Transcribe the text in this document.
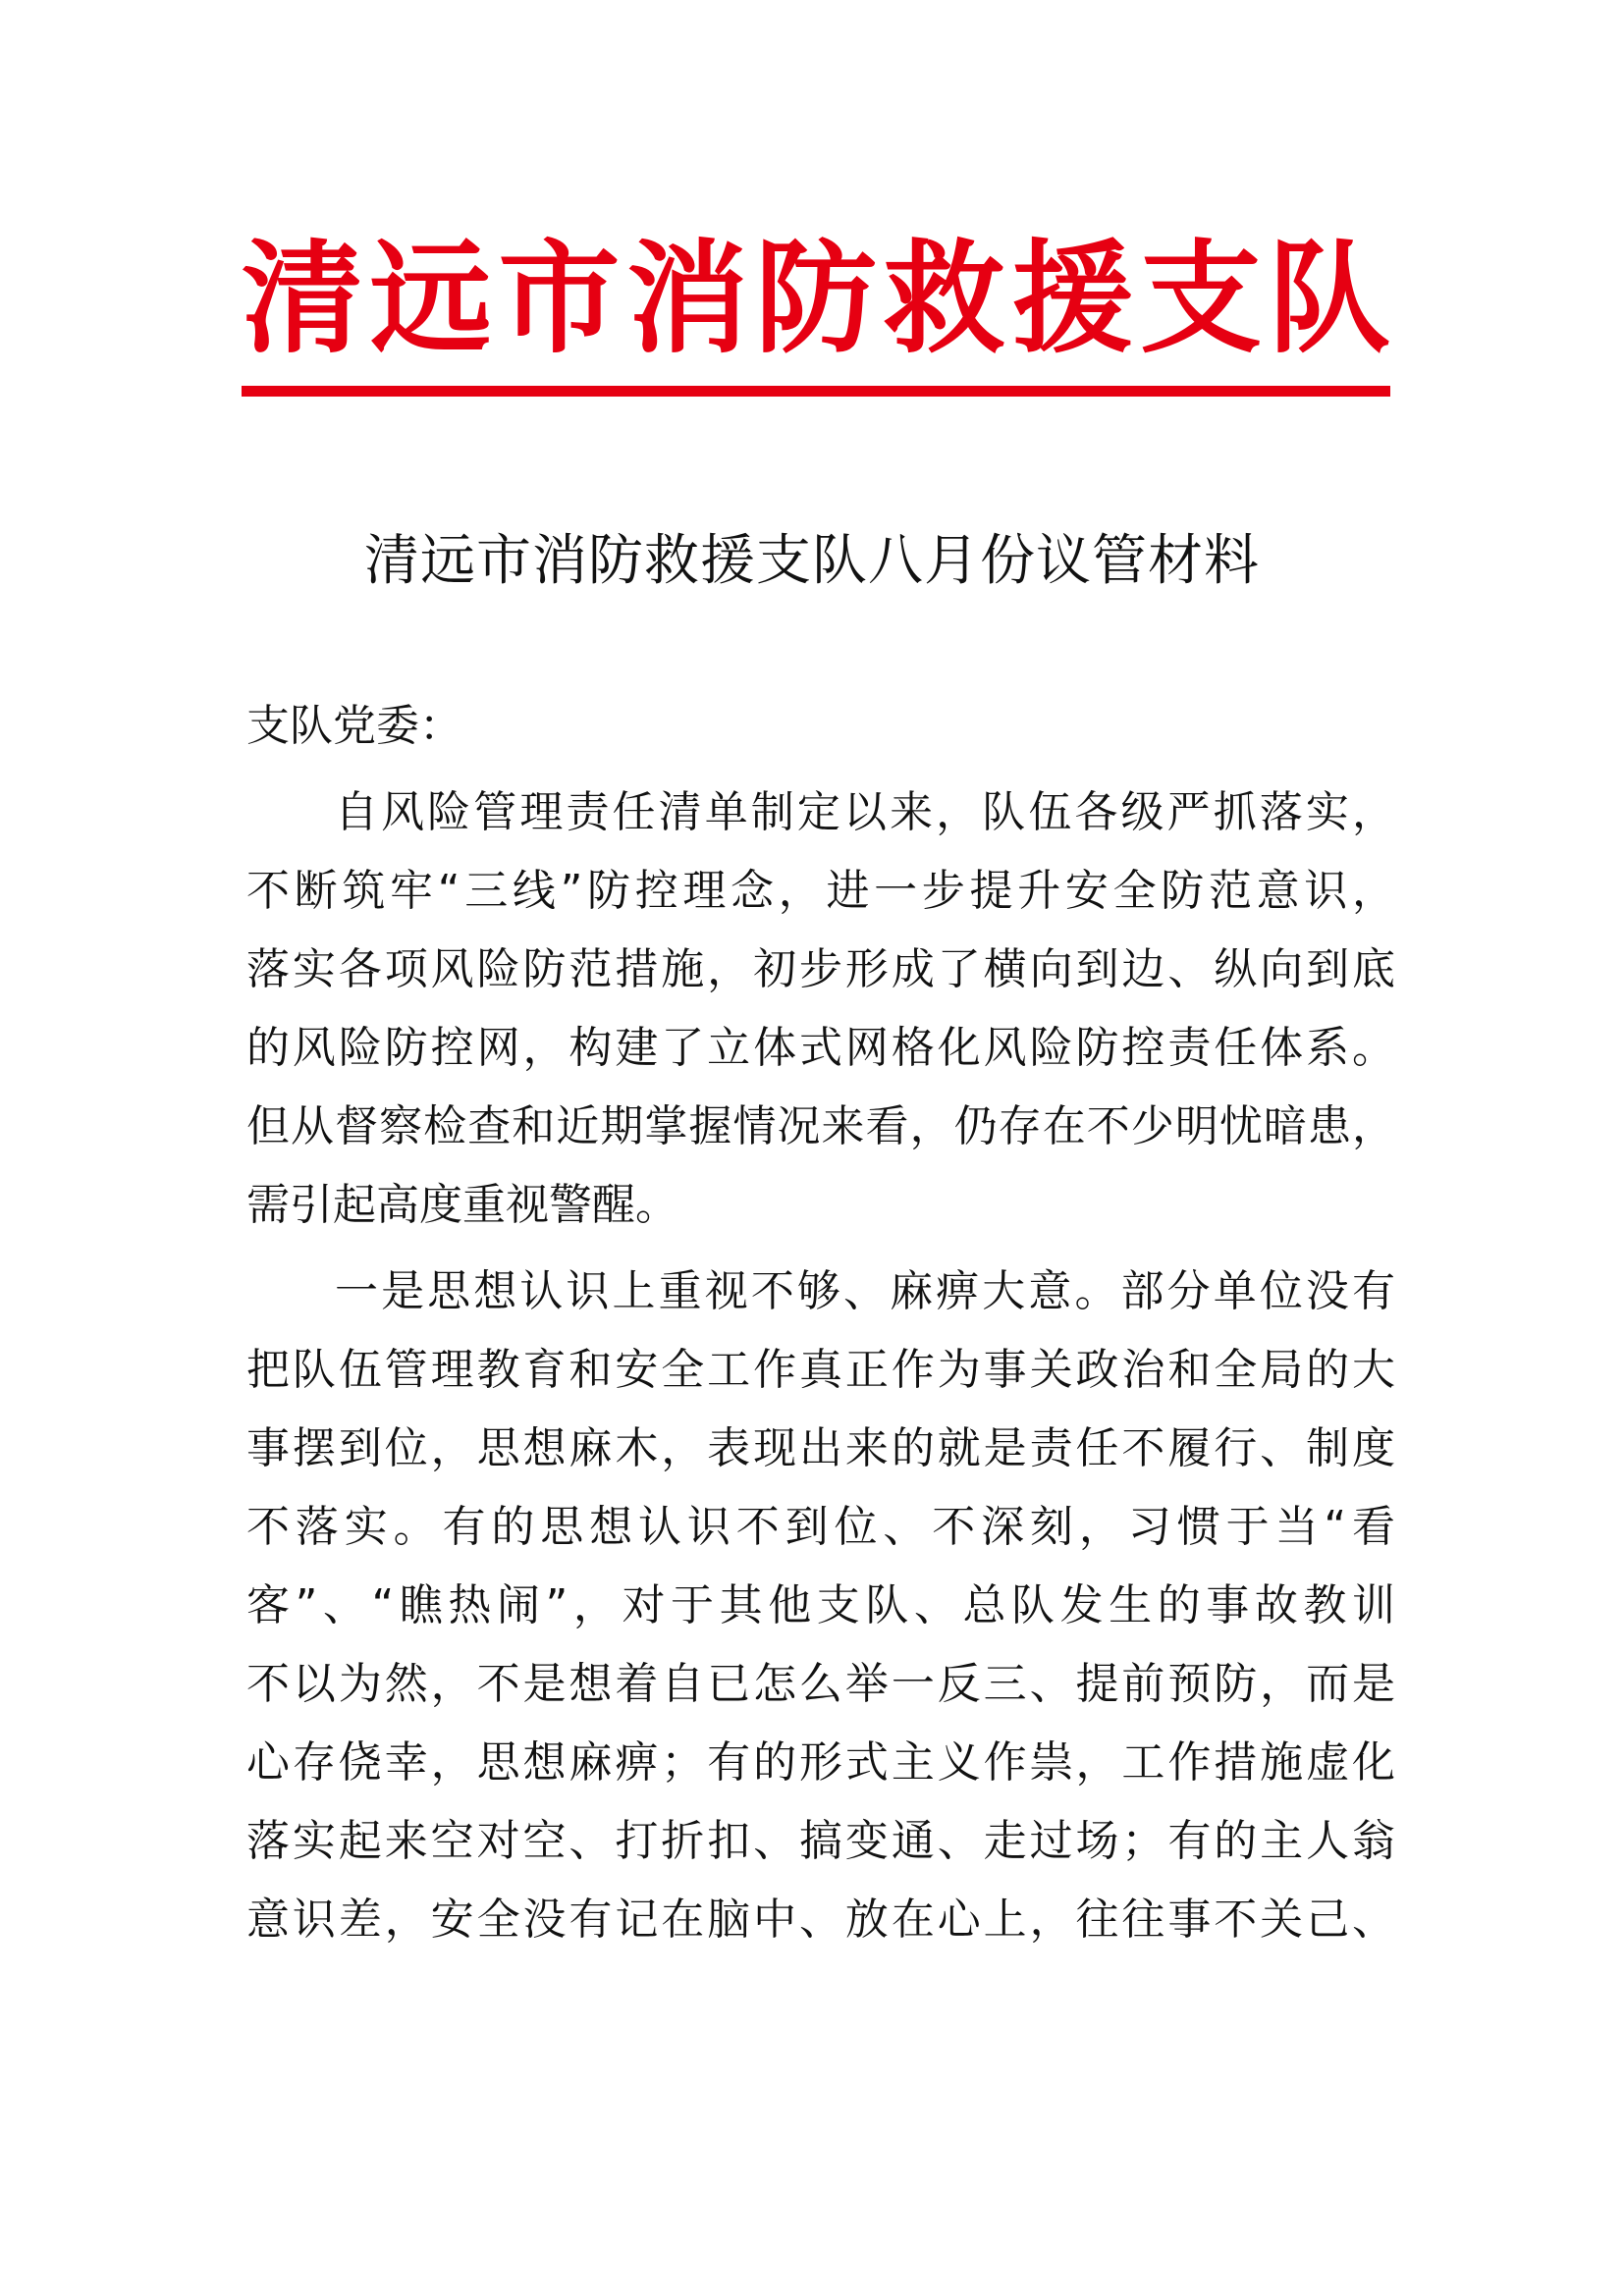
清 远 市 消 防 救 援 支 队
清远市消防救援支队八月份议管材料
支队党委：
自风险管理责任清单制定以来，队伍各级严抓落实，
不断筑牢“三线”防控理念，进一步提升安全防范意识，
落实各项风险防范措施，初步形成了横向到边、纵向到底
的风险防控网，构建了立体式网格化风险防控责任体系。
但从督察检查和近期掌握情况来看，仍存在不少明忧暗患，
需引起高度重视警醒。
一是思想认识上重视不够、麻痹大意。部分单位没有
把队伍管理教育和安全工作真正作为事关政治和全局的大
事摆到位，思想麻木，表现出来的就是责任不履行、制度
不落实。有的思想认识不到位、不深刻，习惯于当“看
客”、“瞧热闹”，对于其他支队、总队发生的事故教训
不以为然，不是想着自已怎么举一反三、提前预防，而是
心存侥幸，思想麻痹；有的形式主义作祟，工作措施虚化
落实起来空对空、打折扣、搞变通、走过场；有的主人翁
意识差，安全没有记在脑中、放在心上，往往事不关己、
